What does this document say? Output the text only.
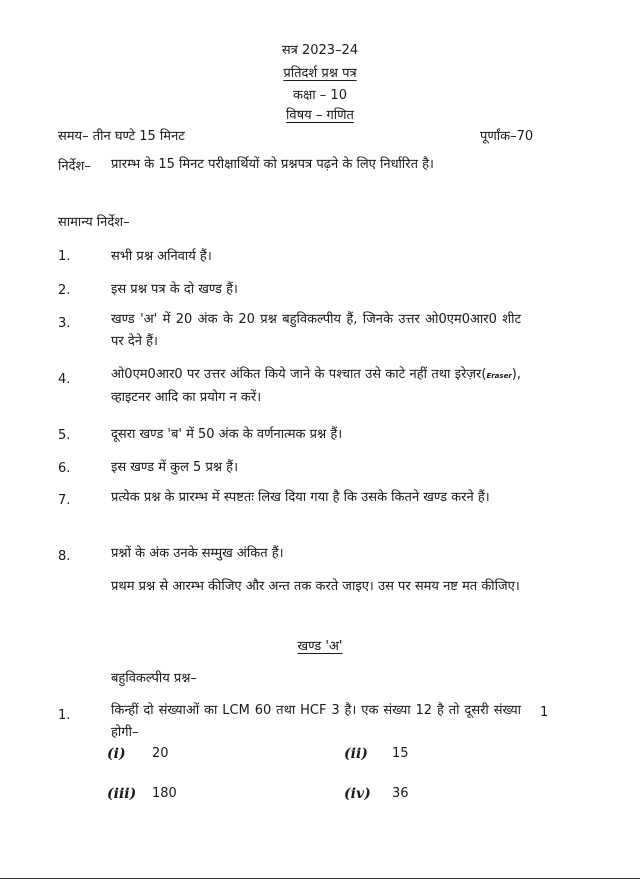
सत्र 2023–24
प्रतिदर्श प्रश्न पत्र
कक्षा – 10
विषय – गणित
समय– तीन घण्टे 15 मिनट	पूर्णांक–70
निर्देश– प्रारम्भ के 15 मिनट परीक्षार्थियों को प्रश्नपत्र पढ़ने के लिए निर्धारित है।
सामान्य निर्देश–
1.	सभी प्रश्न अनिवार्य हैं।
2.	इस प्रश्न पत्र के दो खण्ड हैं।
3.	खण्ड 'अ' में 20 अंक के 20 प्रश्न बहुविकल्पीय हैं, जिनके उत्तर ओ0एम0आर0 शीट पर देने हैं।
4.	ओ0एम0आर0 पर उत्तर अंकित किये जाने के पश्चात उसे काटे नहीं तथा इरेज़र(Eraser), व्हाइटनर आदि का प्रयोग न करें।
5.	दूसरा खण्ड 'ब' में 50 अंक के वर्णनात्मक प्रश्न हैं।
6.	इस खण्ड में कुल 5 प्रश्न हैं।
7.	प्रत्येक प्रश्न के प्रारम्भ में स्पष्टतः लिख दिया गया है कि उसके कितने खण्ड करने हैं।
8.	प्रश्नों के अंक उनके सम्मुख अंकित हैं।
प्रथम प्रश्न से आरम्भ कीजिए और अन्त तक करते जाइए। उस पर समय नष्ट मत कीजिए।
खण्ड 'अ'
बहुविकल्पीय प्रश्न–
1.	किन्हीं दो संख्याओं का LCM 60 तथा HCF 3 है। एक संख्या 12 है तो दूसरी संख्या होगी–
1
(i) 20	(ii) 15
(iii) 180	(iv) 36
